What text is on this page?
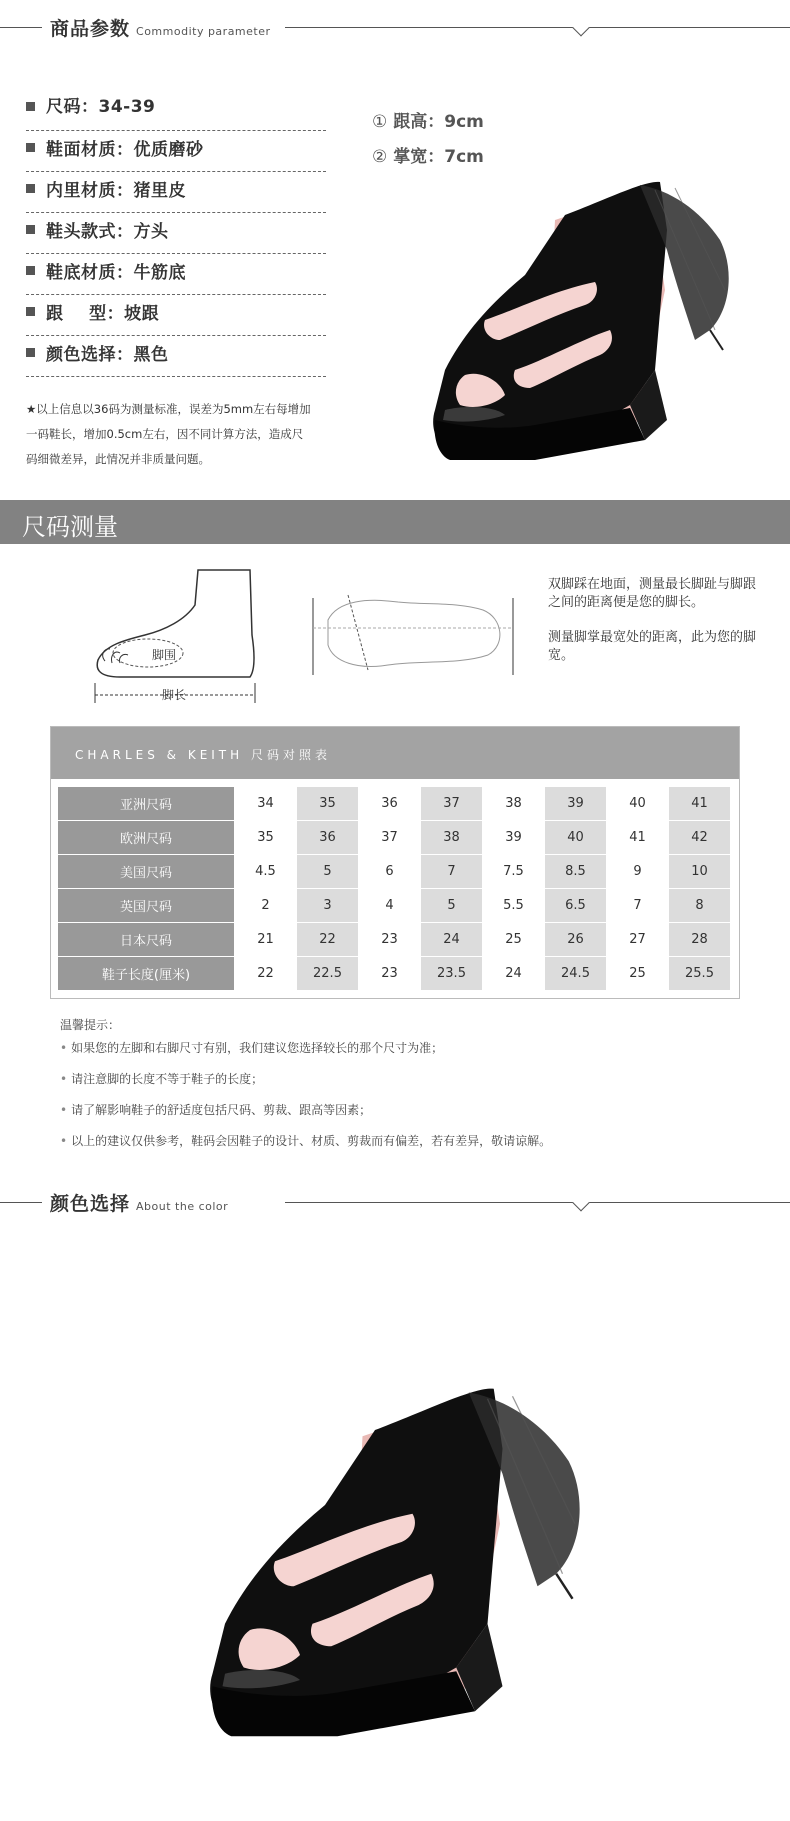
商品参数 Commodity parameter
尺码：34-39
鞋面材质：优质磨砂
内里材质：猪里皮
鞋头款式：方头
鞋底材质：牛筋底
跟    型：坡跟
颜色选择：黑色
① 跟高：9cm
② 掌宽：7cm
★以上信息以36码为测量标准，误差为5mm左右每增加
一码鞋长，增加0.5cm左右，因不同计算方法，造成尺
码细微差异，此情况并非质量问题。
尺码测量
脚围
脚长
双脚踩在地面，测量最长脚趾与脚跟之间的距离便是您的脚长。
测量脚掌最宽处的距离，此为您的脚宽。
CHARLES & KEITH 尺码对照表
亚洲尺码	34	35	36	37	38	39	40	41
欧洲尺码	35	36	37	38	39	40	41	42
美国尺码	4.5	5	6	7	7.5	8.5	9	10
英国尺码	2	3	4	5	5.5	6.5	7	8
日本尺码	21	22	23	24	25	26	27	28
鞋子长度(厘米)	22	22.5	23	23.5	24	24.5	25	25.5
温馨提示：
• 如果您的左脚和右脚尺寸有别，我们建议您选择较长的那个尺寸为准；
• 请注意脚的长度不等于鞋子的长度；
• 请了解影响鞋子的舒适度包括尺码、剪裁、跟高等因素；
• 以上的建议仅供参考，鞋码会因鞋子的设计、材质、剪裁而有偏差，若有差异，敬请谅解。
颜色选择 About the color
